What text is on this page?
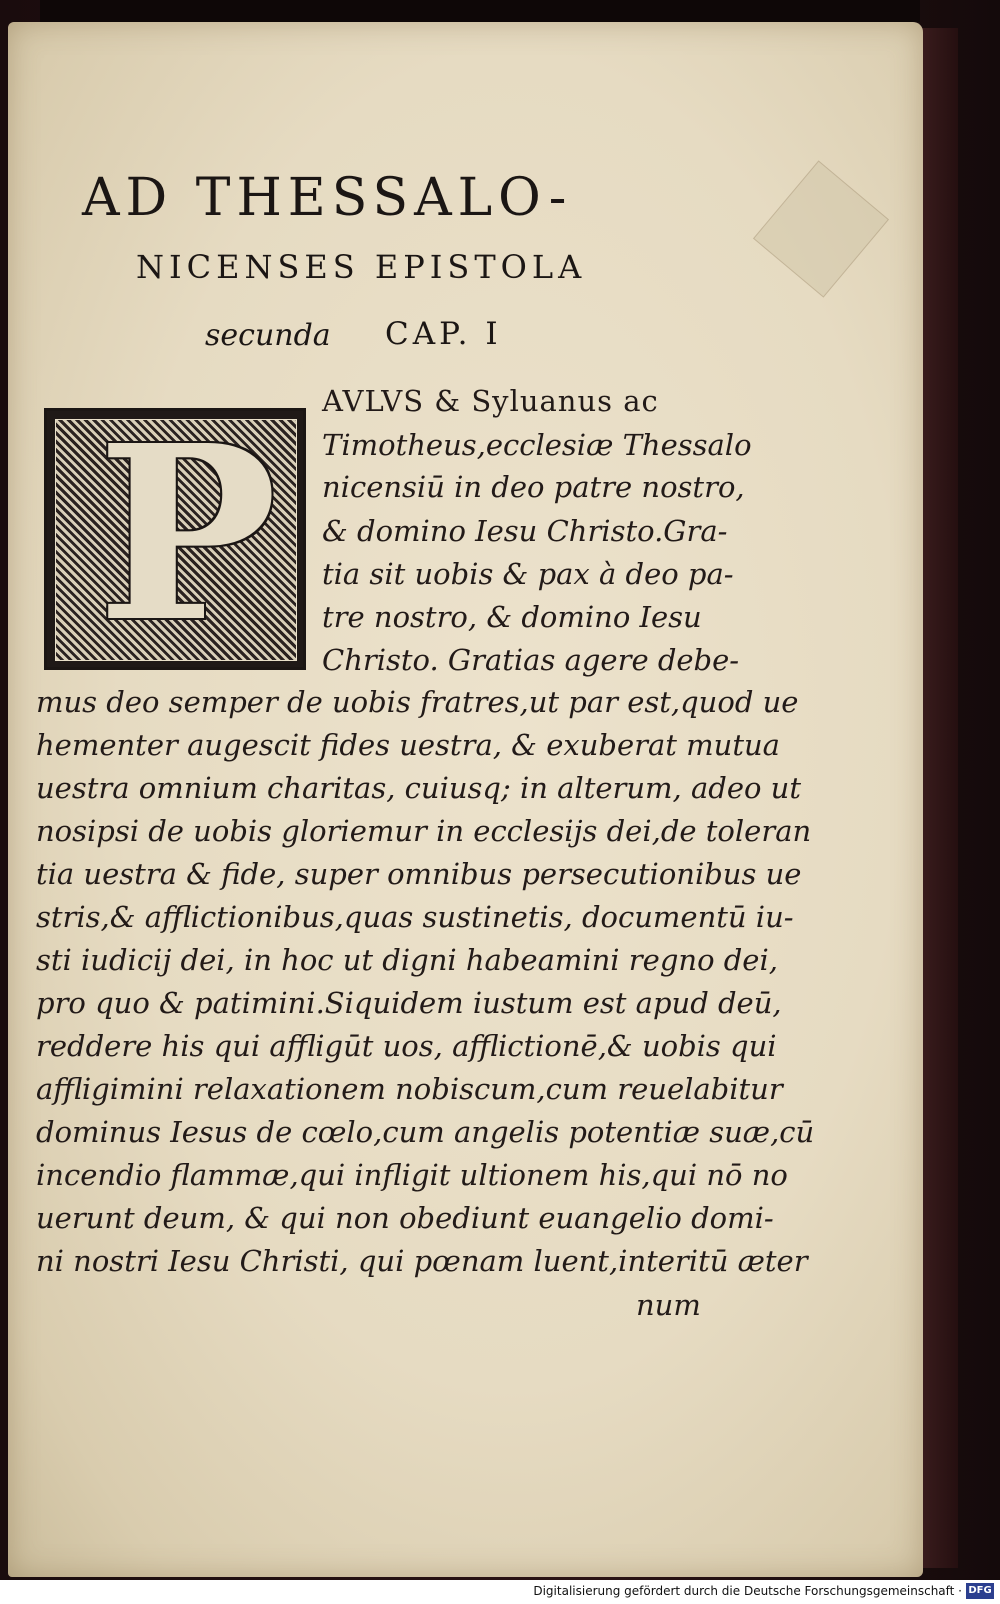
AD THESSALO-
NICENSES EPISTOLA
secunda CAP. I
P AVLVS & Syluanus ac
Timotheus,ecclesiæ Thessalo
nicensiū in deo patre nostro,
& domino Iesu Christo.Gra-
tia sit uobis & pax à deo pa-
tre nostro, & domino Iesu
Christo. Gratias agere debe-
mus deo semper de uobis fratres,ut par est,quod ue
hementer augescit fides uestra, & exuberat mutua
uestra omnium charitas, cuiusq; in alterum, adeo ut
nosipsi de uobis gloriemur in ecclesijs dei,de toleran
tia uestra & fide, super omnibus persecutionibus ue
stris,& afflictionibus,quas sustinetis, documentū iu-
sti iudicij dei, in hoc ut digni habeamini regno dei,
pro quo & patimini.Siquidem iustum est apud deū,
reddere his qui affligūt uos, afflictionē,& uobis qui
affligimini relaxationem nobiscum,cum reuelabitur
dominus Iesus de cœlo,cum angelis potentiæ suæ,cū
incendio flammæ,qui infligit ultionem his,qui nō no
uerunt deum, & qui non obediunt euangelio domi-
ni nostri Iesu Christi, qui pœnam luent,interitū æter
num
Digitalisierung gefördert durch die Deutsche Forschungsgemeinschaft · DFG
